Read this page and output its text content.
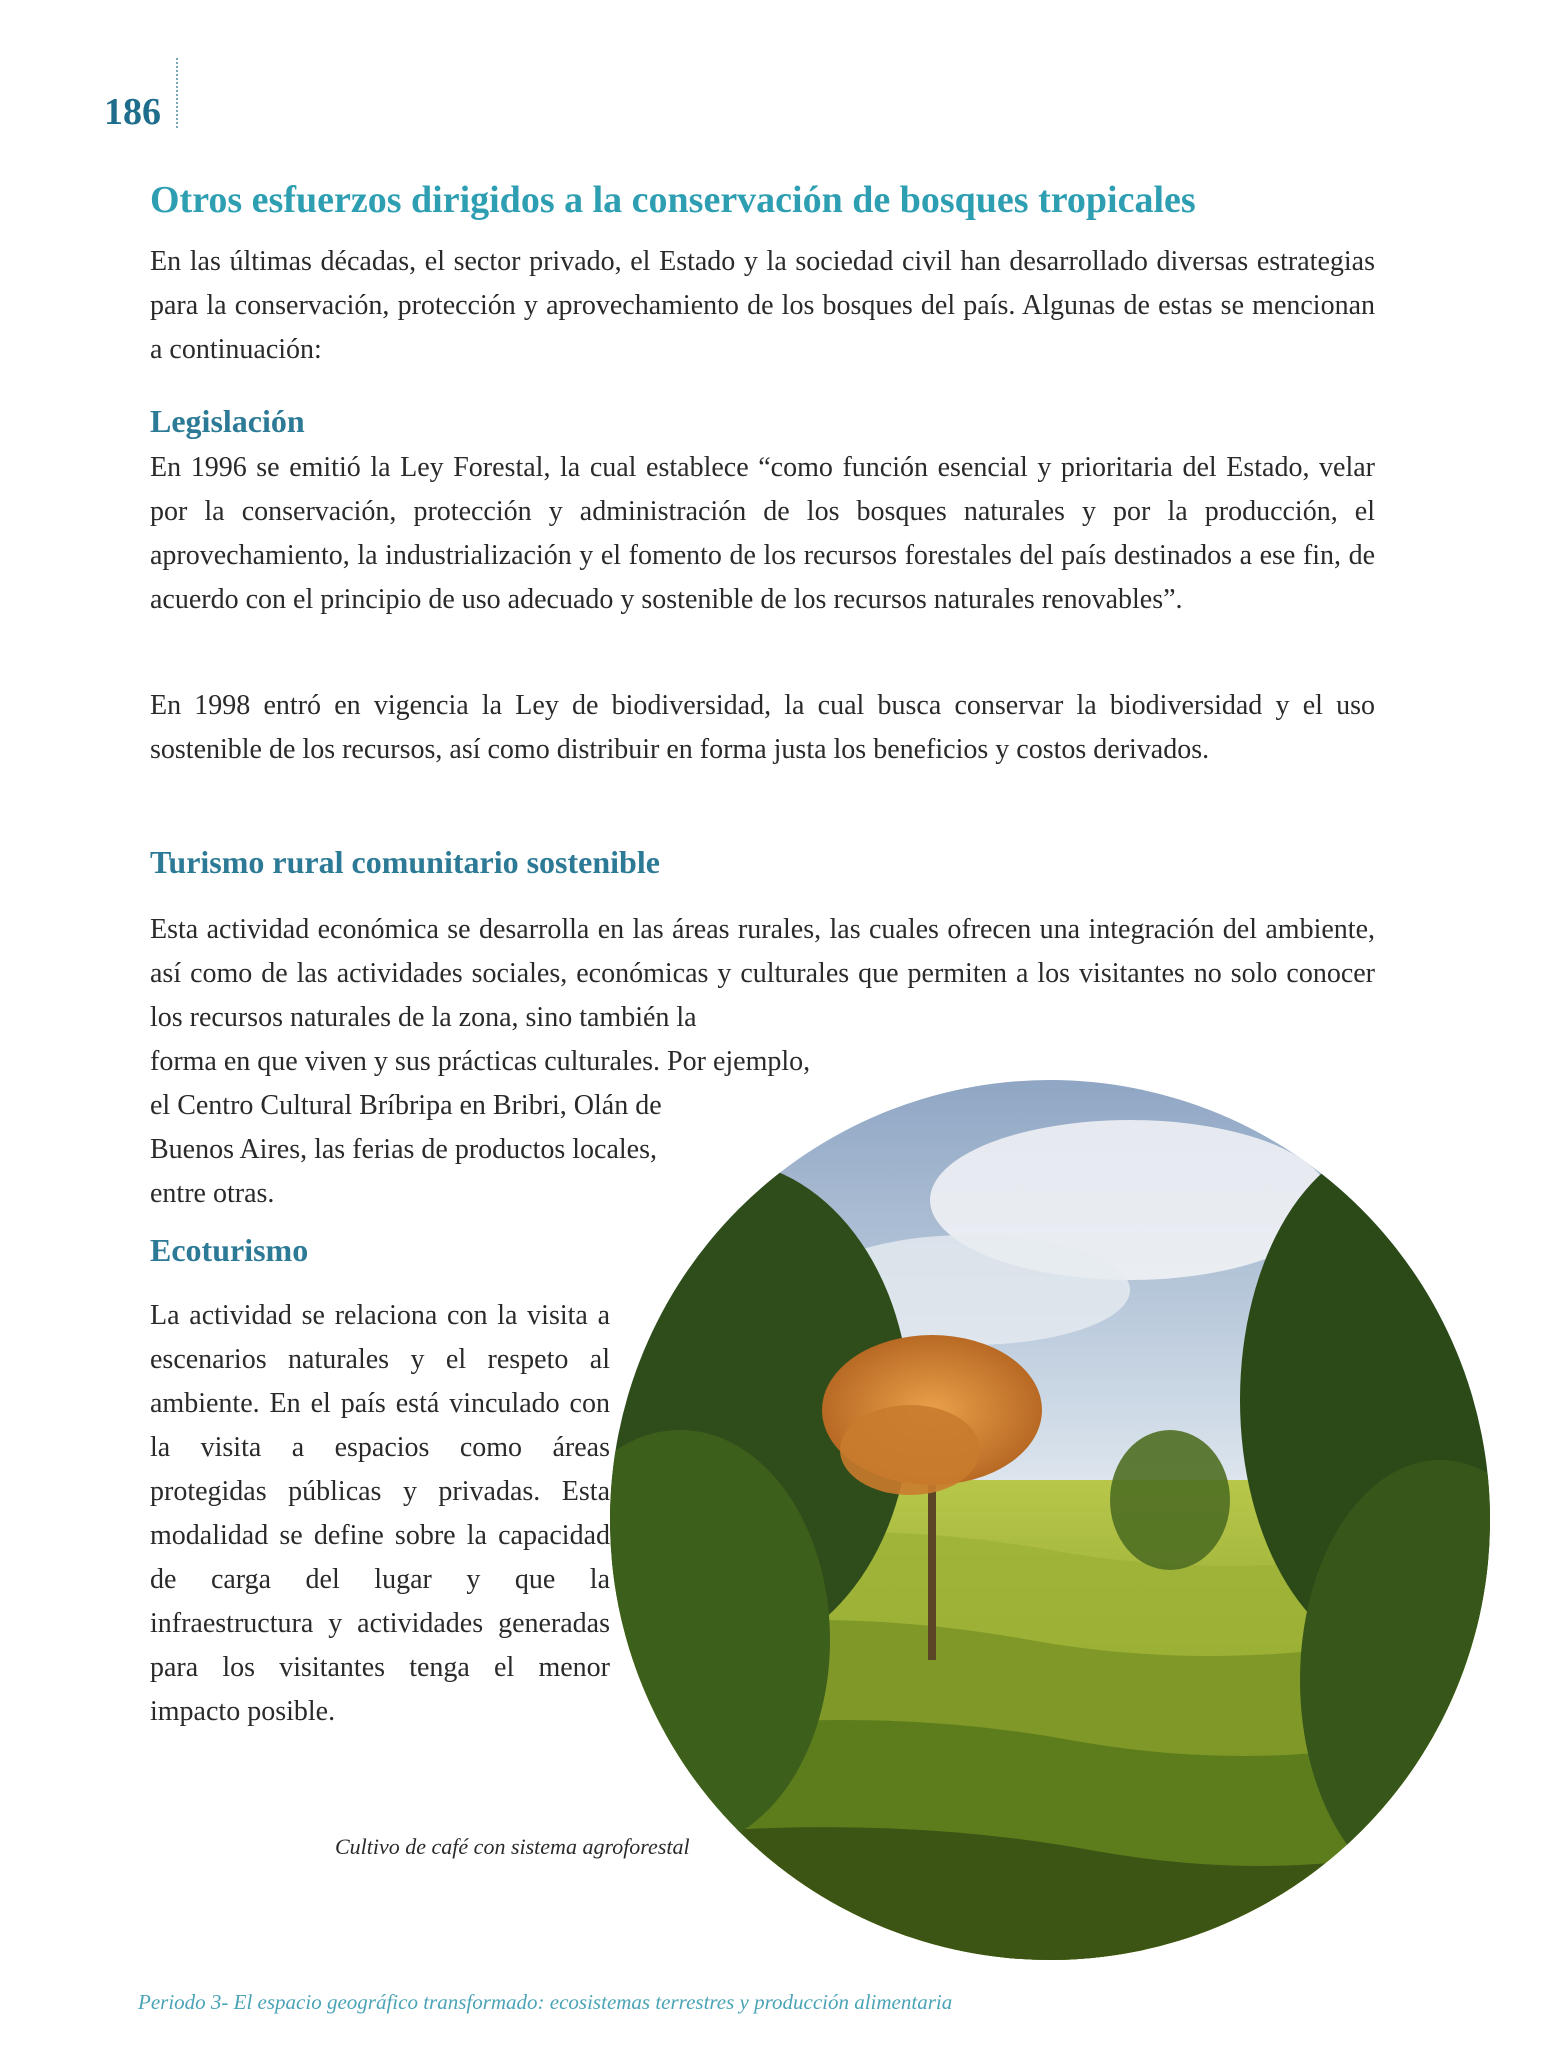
186
Otros esfuerzos dirigidos a la conservación de bosques tropicales

En las últimas décadas, el sector privado, el Estado y la sociedad civil han desarrollado diversas estrategias para la conservación, protección y aprovechamiento de los bosques del país. Algunas de estas se mencionan a continuación:

Legislación

En 1996 se emitió la Ley Forestal, la cual establece “como función esencial y prioritaria del Estado, velar por la conservación, protección y administración de los bosques naturales y por la producción, el aprovechamiento, la industrialización y el fomento de los recursos forestales del país destinados a ese fin, de acuerdo con el principio de uso adecuado y sostenible de los recursos naturales renovables”.

En 1998 entró en vigencia la Ley de biodiversidad, la cual busca conservar la biodiversidad y el uso sostenible de los recursos, así como distribuir en forma justa los beneficios y costos derivados.

Turismo rural comunitario sostenible

Esta actividad económica se desarrolla en las áreas rurales, las cuales ofrecen una integración del ambiente, así como de las actividades sociales, económicas y culturales que permiten a los visitantes no solo conocer los recursos naturales de la zona, sino también la

forma en que viven y sus prácticas culturales. Por ejemplo,

el Centro Cultural Bríbripa en Bribri, Olán de

Buenos Aires, las ferias de productos locales,

entre otras.

Ecoturismo

La actividad se relaciona con la visita a escenarios naturales y el respeto al ambiente. En el país está vinculado con la visita a espacios como áreas protegidas públicas y privadas. Esta modalidad se define sobre la capacidad de carga del lugar y que la infraestructura y actividades generadas para los visitantes tenga el menor impacto posible.

Cultivo de café con sistema agroforestal

Periodo 3- El espacio geográfico transformado: ecosistemas terrestres y producción alimentaria
